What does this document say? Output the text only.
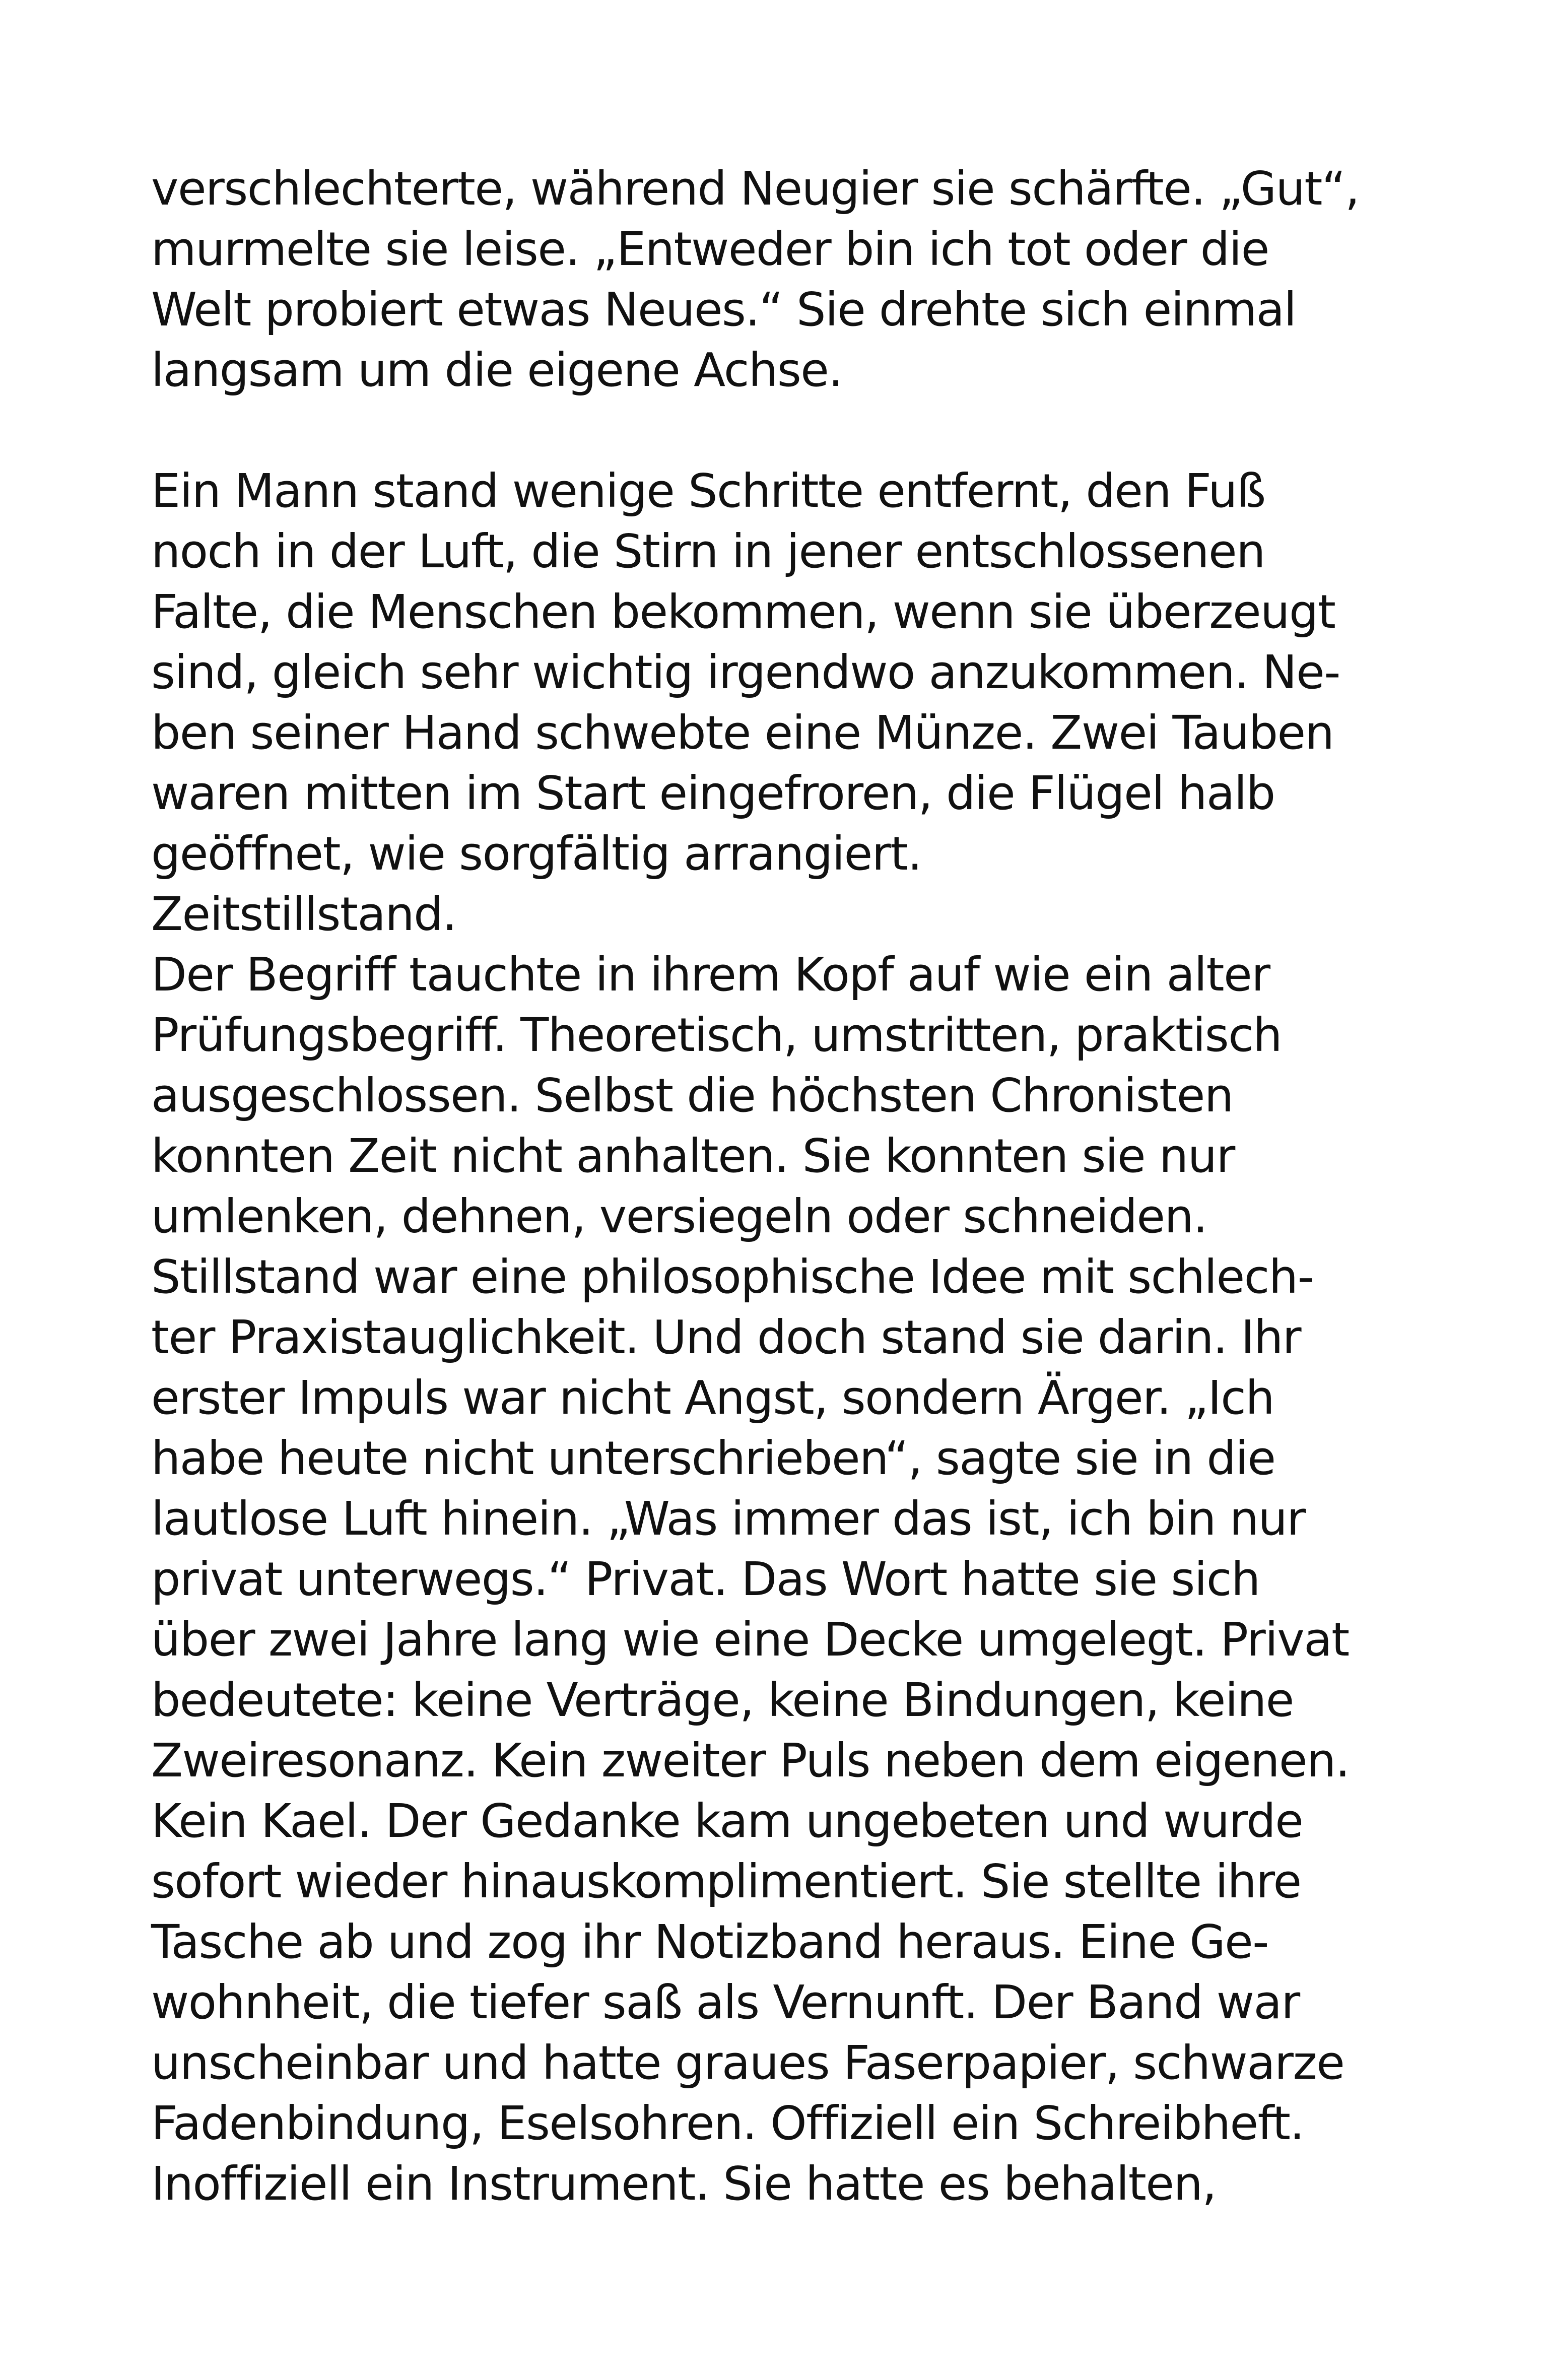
verschlechterte, während Neugier sie schärfte. „Gut“,
murmelte sie leise. „Entweder bin ich tot oder die
Welt probiert etwas Neues.“ Sie drehte sich einmal
langsam um die eigene Achse.
Ein Mann stand wenige Schritte entfernt, den Fuß
noch in der Luft, die Stirn in jener entschlossenen
Falte, die Menschen bekommen, wenn sie überzeugt
sind, gleich sehr wichtig irgendwo anzukommen. Ne-
ben seiner Hand schwebte eine Münze. Zwei Tauben
waren mitten im Start eingefroren, die Flügel halb
geöffnet, wie sorgfältig arrangiert.
Zeitstillstand.
Der Begriff tauchte in ihrem Kopf auf wie ein alter
Prüfungsbegriff. Theoretisch, umstritten, praktisch
ausgeschlossen. Selbst die höchsten Chronisten
konnten Zeit nicht anhalten. Sie konnten sie nur
umlenken, dehnen, versiegeln oder schneiden.
Stillstand war eine philosophische Idee mit schlech-
ter Praxistauglichkeit. Und doch stand sie darin. Ihr
erster Impuls war nicht Angst, sondern Ärger. „Ich
habe heute nicht unterschrieben“, sagte sie in die
lautlose Luft hinein. „Was immer das ist, ich bin nur
privat unterwegs.“ Privat. Das Wort hatte sie sich
über zwei Jahre lang wie eine Decke umgelegt. Privat
bedeutete: keine Verträge, keine Bindungen, keine
Zweiresonanz. Kein zweiter Puls neben dem eigenen.
Kein Kael. Der Gedanke kam ungebeten und wurde
sofort wieder hinauskomplimentiert. Sie stellte ihre
Tasche ab und zog ihr Notizband heraus. Eine Ge-
wohnheit, die tiefer saß als Vernunft. Der Band war
unscheinbar und hatte graues Faserpapier, schwarze
Fadenbindung, Eselsohren. Offiziell ein Schreibheft.
Inoffiziell ein Instrument. Sie hatte es behalten,
